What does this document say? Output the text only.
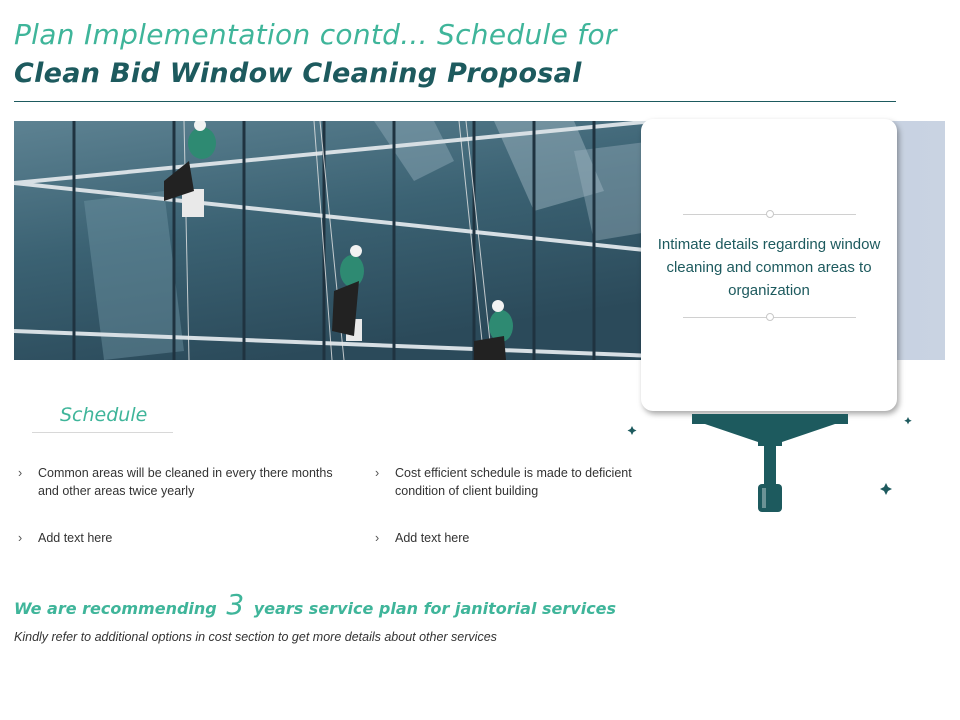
Plan Implementation contd... Schedule for
Clean Bid Window Cleaning Proposal
Intimate details regarding window cleaning and common areas to organization
Schedule
›	Common areas will be cleaned in every there months and other areas twice yearly
›	Cost efficient schedule is made to deficient condition of client building
›	Add text here	›	Add text here
We are recommending 3 years service plan for janitorial services
Kindly refer to additional options in cost section to get more details about other services
